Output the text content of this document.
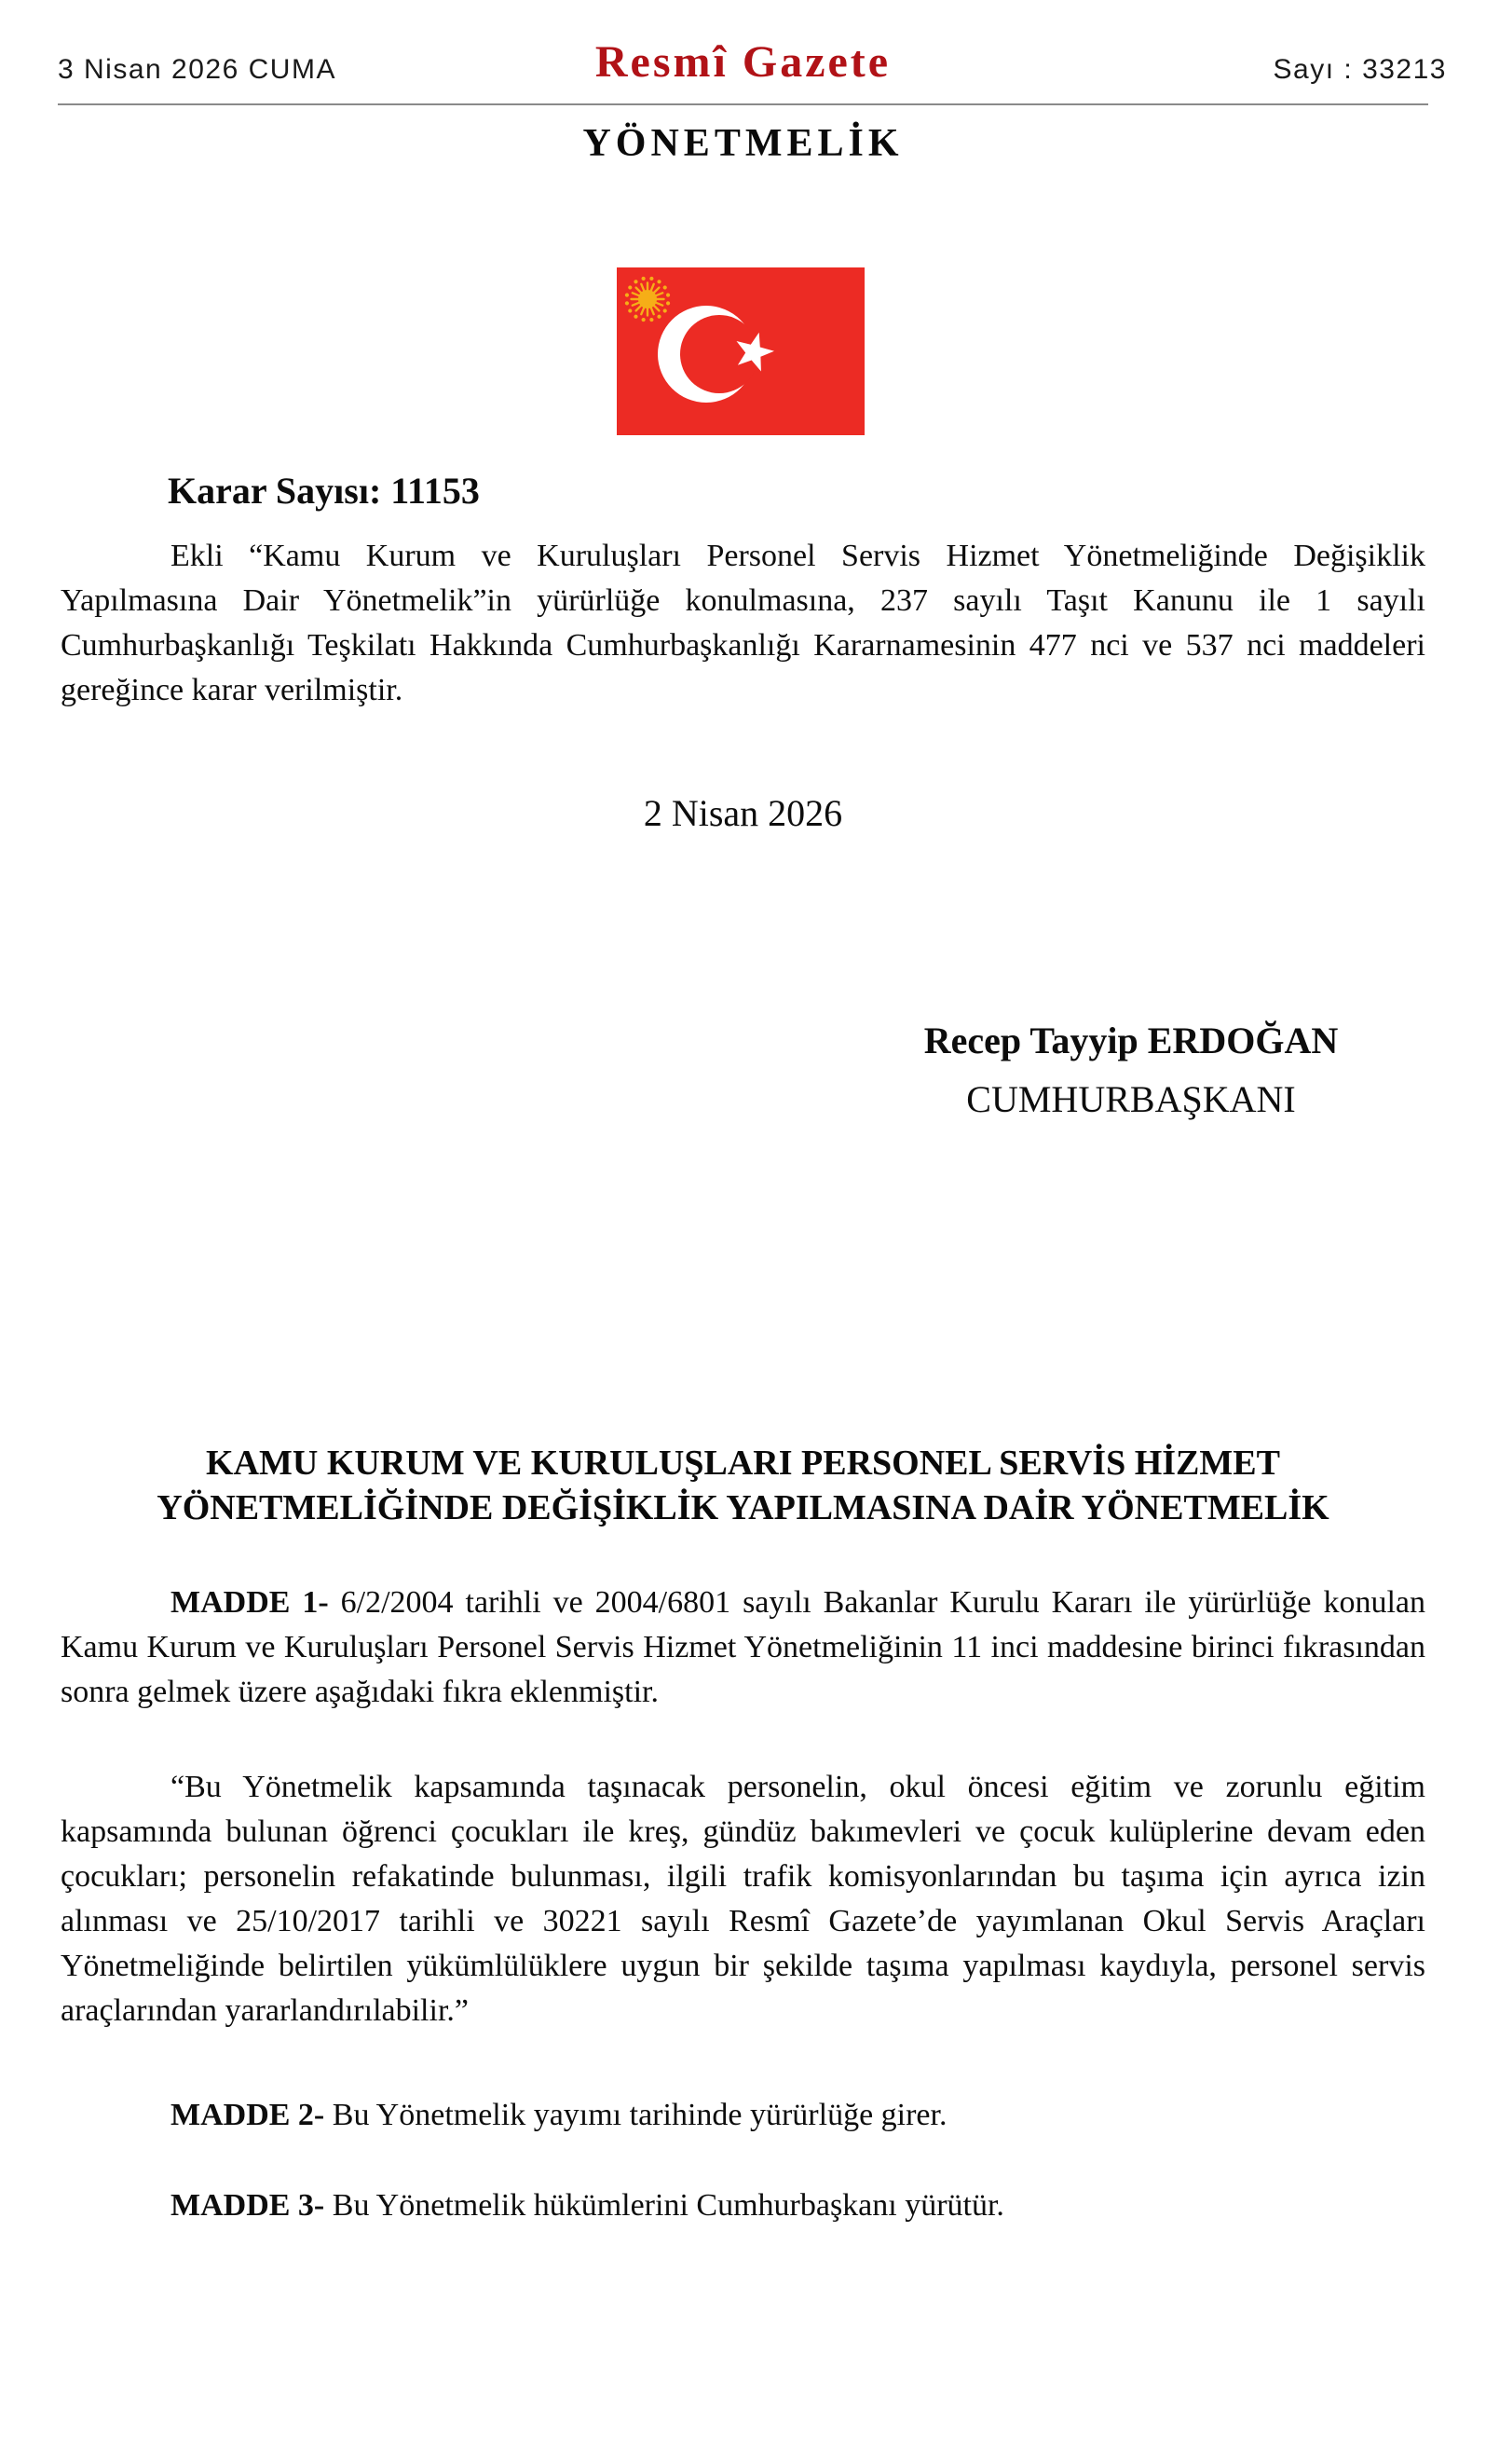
3 Nisan 2026 CUMA	Resmî Gazete	Sayı : 33213
YÖNETMELİK
Karar Sayısı: 11153

Ekli “Kamu Kurum ve Kuruluşları Personel Servis Hizmet Yönetmeliğinde Değişiklik Yapılmasına Dair Yönetmelik”in yürürlüğe konulmasına, 237 sayılı Taşıt Kanunu ile 1 sayılı Cumhurbaşkanlığı Teşkilatı Hakkında Cumhurbaşkanlığı Kararnamesinin 477 nci ve 537 nci maddeleri gereğince karar verilmiştir.

2 Nisan 2026
Recep Tayyip ERDOĞAN
CUMHURBAŞKANI
KAMU KURUM VE KURULUŞLARI PERSONEL SERVİS HİZMET
YÖNETMELİĞİNDE DEĞİŞİKLİK YAPILMASINA DAİR YÖNETMELİK

MADDE 1- 6/2/2004 tarihli ve 2004/6801 sayılı Bakanlar Kurulu Kararı ile yürürlüğe konulan Kamu Kurum ve Kuruluşları Personel Servis Hizmet Yönetmeliğinin 11 inci maddesine birinci fıkrasından sonra gelmek üzere aşağıdaki fıkra eklenmiştir.

“Bu Yönetmelik kapsamında taşınacak personelin, okul öncesi eğitim ve zorunlu eğitim kapsamında bulunan öğrenci çocukları ile kreş, gündüz bakımevleri ve çocuk kulüplerine devam eden çocukları; personelin refakatinde bulunması, ilgili trafik komisyonlarından bu taşıma için ayrıca izin alınması ve 25/10/2017 tarihli ve 30221 sayılı Resmî Gazete’de yayımlanan Okul Servis Araçları Yönetmeliğinde belirtilen yükümlülüklere uygun bir şekilde taşıma yapılması kaydıyla, personel servis araçlarından yararlandırılabilir.”

MADDE 2- Bu Yönetmelik yayımı tarihinde yürürlüğe girer.

MADDE 3- Bu Yönetmelik hükümlerini Cumhurbaşkanı yürütür.
